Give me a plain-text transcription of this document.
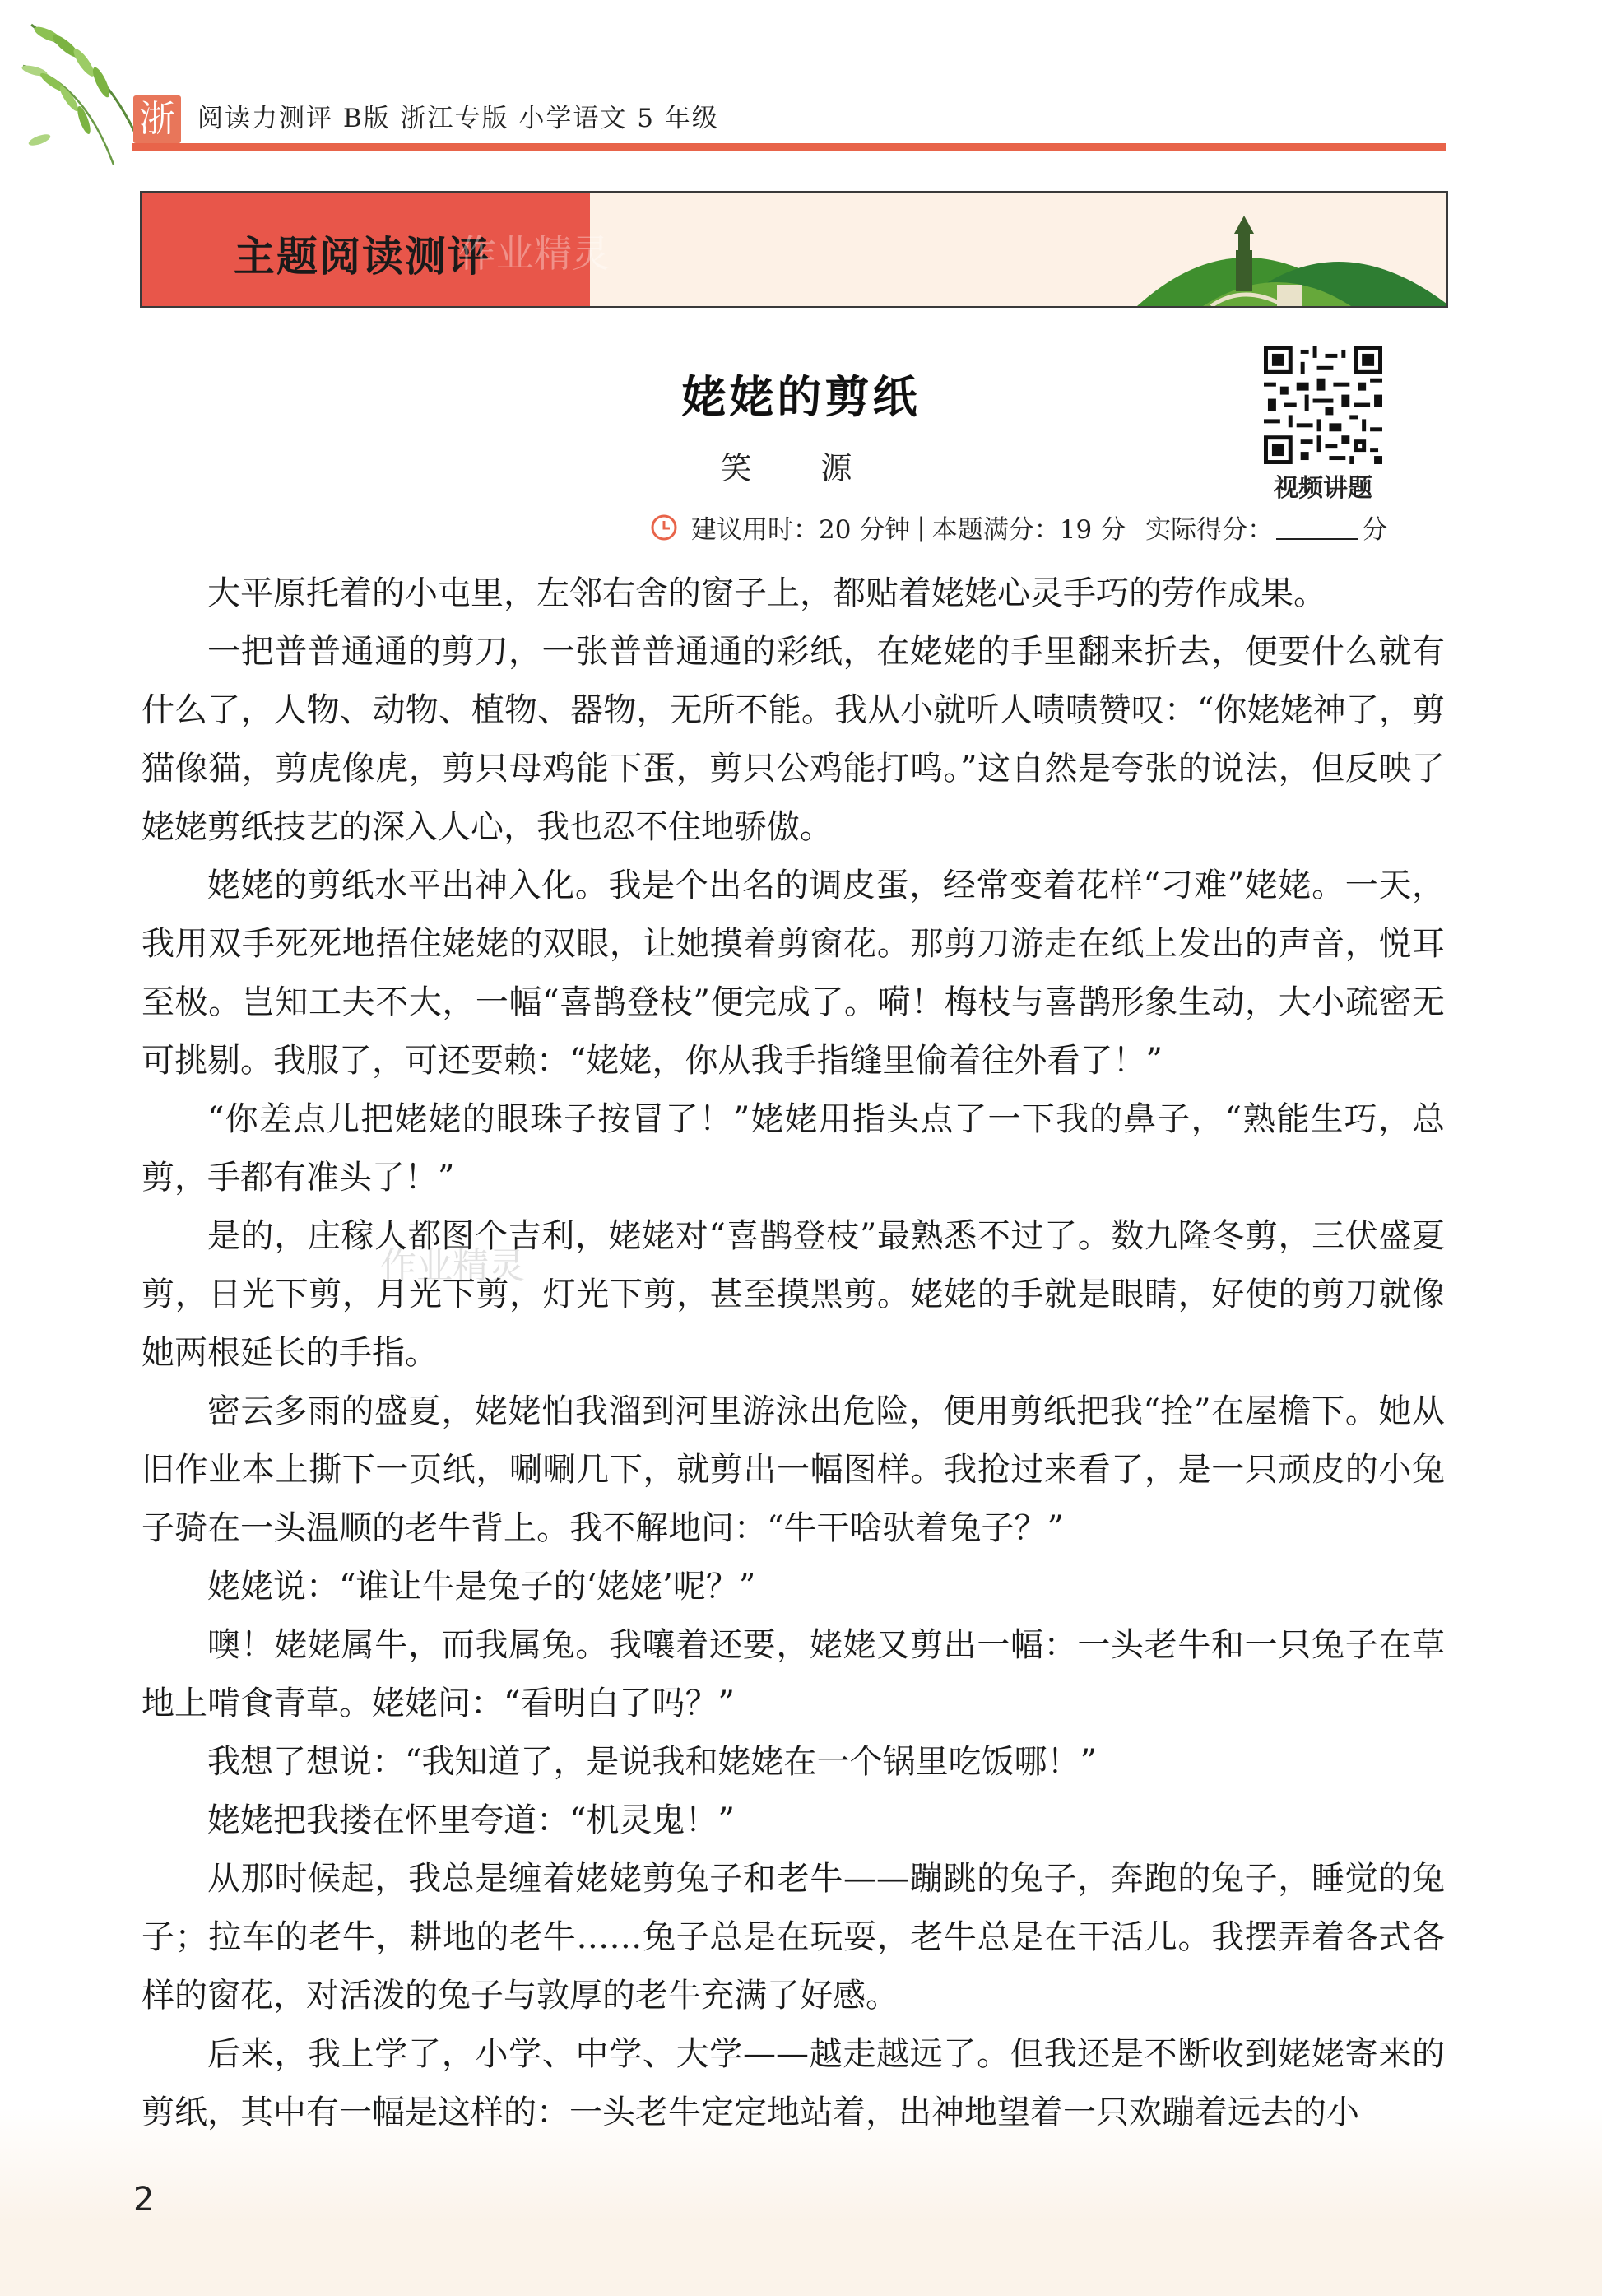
浙 阅读力测评 B版 浙江专版 小学语文 5 年级
主题阅读测评
作业精灵
姥姥的剪纸
笑 源
视频讲题
建议用时：20 分钟 | 本题满分：19 分 实际得分：	分

大平原托着的小屯里，左邻右舍的窗子上，都贴着姥姥心灵手巧的劳作成果。

一把普普通通的剪刀，一张普普通通的彩纸，在姥姥的手里翻来折去，便要什么就有什么了，人物、动物、植物、器物，无所不能。我从小就听人啧啧赞叹：“你姥姥神了，剪猫像猫，剪虎像虎，剪只母鸡能下蛋，剪只公鸡能打鸣。”这自然是夸张的说法，但反映了姥姥剪纸技艺的深入人心，我也忍不住地骄傲。

姥姥的剪纸水平出神入化。我是个出名的调皮蛋，经常变着花样“刁难”姥姥。一天，我用双手死死地捂住姥姥的双眼，让她摸着剪窗花。那剪刀游走在纸上发出的声音，悦耳至极。岂知工夫不大，一幅“喜鹊登枝”便完成了。嗬！梅枝与喜鹊形象生动，大小疏密无可挑剔。我服了，可还要赖：“姥姥，你从我手指缝里偷着往外看了！”

“你差点儿把姥姥的眼珠子按冒了！”姥姥用指头点了一下我的鼻子，“熟能生巧，总剪，手都有准头了！”

是的，庄稼人都图个吉利，姥姥对“喜鹊登枝”最熟悉不过了。数九隆冬剪，三伏盛夏剪，日光下剪，月光下剪，灯光下剪，甚至摸黑剪。姥姥的手就是眼睛，好使的剪刀就像她两根延长的手指。

密云多雨的盛夏，姥姥怕我溜到河里游泳出危险，便用剪纸把我“拴”在屋檐下。她从旧作业本上撕下一页纸，唰唰几下，就剪出一幅图样。我抢过来看了，是一只顽皮的小兔子骑在一头温顺的老牛背上。我不解地问：“牛干啥驮着兔子？”

姥姥说：“谁让牛是兔子的‘姥姥’呢？”

噢！姥姥属牛，而我属兔。我嚷着还要，姥姥又剪出一幅：一头老牛和一只兔子在草地上啃食青草。姥姥问：“看明白了吗？”

我想了想说：“我知道了，是说我和姥姥在一个锅里吃饭哪！”

姥姥把我搂在怀里夸道：“机灵鬼！”

从那时候起，我总是缠着姥姥剪兔子和老牛——蹦跳的兔子，奔跑的兔子，睡觉的兔子；拉车的老牛，耕地的老牛……兔子总是在玩耍，老牛总是在干活儿。我摆弄着各式各样的窗花，对活泼的兔子与敦厚的老牛充满了好感。

后来，我上学了，小学、中学、大学——越走越远了。但我还是不断收到姥姥寄来的剪纸，其中有一幅是这样的：一头老牛定定地站着，出神地望着一只欢蹦着远去的小

作业精灵
2
